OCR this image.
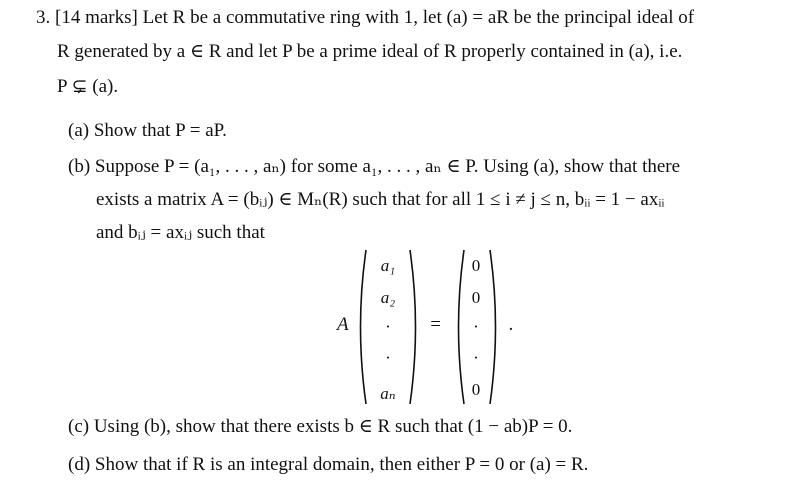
3. [14 marks] Let R be a commutative ring with 1, let (a) = aR be the principal ideal of
R generated by a ∈ R and let P be a prime ideal of R properly contained in (a), i.e.
P ⊊ (a).
(a) Show that P = aP.
(b) Suppose P = (a₁, . . . , aₙ) for some a₁, . . . , aₙ ∈ P. Using (a), show that there
exists a matrix A = (bᵢⱼ) ∈ Mₙ(R) such that for all 1 ≤ i ≠ j ≤ n, bᵢᵢ = 1 − axᵢᵢ
and bᵢⱼ = axᵢⱼ such that
A
a₁
a₂
·
·
aₙ
=
0
0
·
·
0
.
(c) Using (b), show that there exists b ∈ R such that (1 − ab)P = 0.
(d) Show that if R is an integral domain, then either P = 0 or (a) = R.
